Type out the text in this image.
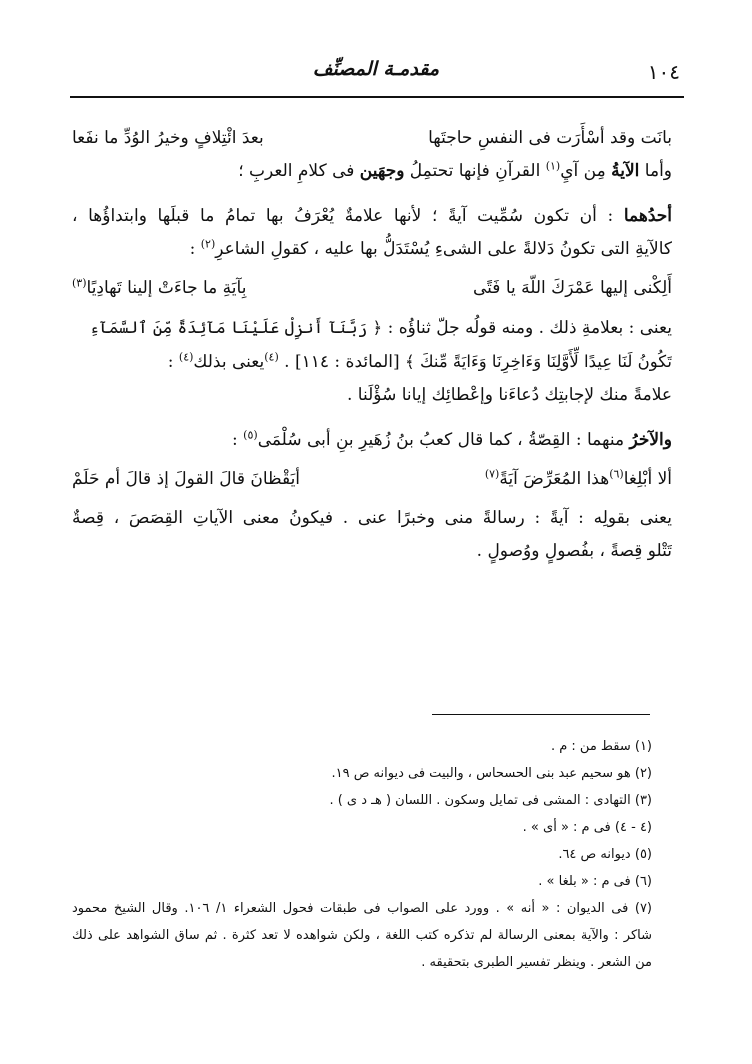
١٠٤
مقدمـة المصنِّف
بانَت وقد أسْأَرَت فى النفسِ حاجتَها
بعدَ ائْتِلافٍ وخيرُ الوُدِّ ما نفَعا
وأما الآيةُ مِن آيِ$^{(١)}$ القرآنِ فإنها تحتمِلُ وجهَين فى كلامِ العربِ ؛
أحدُهما : أن تكون سُمِّيت آيةً ؛ لأنها علامةٌ يُعْرَفُ بها تمامُ ما قبلَها وابتداؤُها ،
كالآيةِ التى تكونُ دَلالةً على الشىءِ يُسْتَدَلُّ بها عليه ، كقولِ الشاعرِ$^{(٢)}$ :
أَلِكْنى إليها عَمْرَكَ اللّهَ يا فَتًى
بِآيَةِ ما جاءَتْ إلينا تَهادِيًا$^{(٣)}$
يعنى : بعلامةِ ذلك . ومنه قولُه جلّ ثناؤُه : ﴿ رَبَّنَآ أَنزِلْ عَلَيْنَا مَآئِدَةً مِّنَ ٱلسَّمَآءِ
تَكُونُ لَنَا عِيدًا لِّأَوَّلِنَا وَءَاخِرِنَا وَءَايَةً مِّنكَ ﴾ [المائدة : ١١٤] . $^{(٤)}$يعنى بذلك$^{(٤)}$ :
علامةً منك لإجابتِك دُعاءَنا وإعْطائِك إيانا سُؤْلَنا .
والآخرُ منهما : القِصّةُ ، كما قال كعبُ بنُ زُهَيرِ بنِ أبى سُلْمَى$^{(٥)}$ :
ألا أبْلِغا$^{(٦)}$هذا المُعَرِّضَ آيَةً$^{(٧)}$
أيَقْظانَ قالَ القولَ إذ قالَ أم حَلَمْ
يعنى بقولِه : آيةً : رسالةً منى وخبرًا عنى . فيكونُ معنى الآياتِ القِصَصَ ، قِصةٌ
تَتْلو قِصةً ، بفُصولٍ ووُصولٍ .
(١) سقط من : م .
(٢) هو سحيم عبد بنى الحسحاس ، والبيت فى ديوانه ص ١٩.
(٣) التهادى : المشى فى تمايل وسكون . اللسان ( هـ د ى ) .
(٤ - ٤) فى م : « أى » .
(٥) ديوانه ص ٦٤.
(٦) فى م : « بلغا » .
(٧) فى الديوان : « أنه » . وورد على الصواب فى طبقات فحول الشعراء ١/ ١٠٦. وقال الشيخ محمود
شاكر : والآية بمعنى الرسالة لم تذكره كتب اللغة ، ولكن شواهده لا تعد كثرة . ثم ساق الشواهد على ذلك
من الشعر . وينظر تفسير الطبرى بتحقيقه .
